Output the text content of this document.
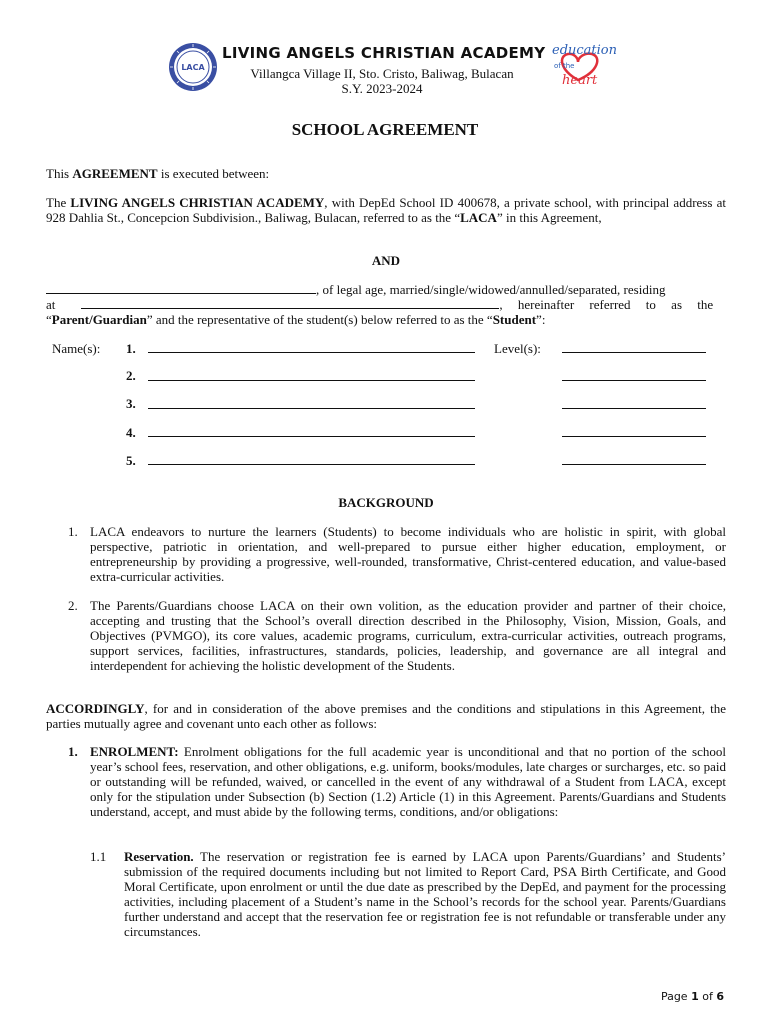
LACA
LIVING ANGELS CHRISTIAN ACADEMY
Villangca Village II, Sto. Cristo, Baliwag, Bulacan
S.Y. 2023-2024
education
of the
heart
SCHOOL AGREEMENT
This AGREEMENT is executed between:
The LIVING ANGELS CHRISTIAN ACADEMY, with DepEd School ID 400678, a private school, with principal address at 928 Dahlia St., Concepcion Subdivision., Baliwag, Bulacan, referred to as the “LACA” in this Agreement,
AND
, of legal age, married/single/widowed/annulled/separated, residing
at	, hereinafter referred to as the
“Parent/Guardian” and the representative of the student(s) below referred to as the “Student”:
Name(s):	Level(s):
1.
2.
3.
4.
5.
BACKGROUND
1. LACA endeavors to nurture the learners (Students) to become individuals who are holistic in spirit, with global perspective, patriotic in orientation, and well-prepared to pursue either higher education, employment, or entrepreneurship by providing a progressive, well-rounded, transformative, Christ-centered education, and value-based extra-curricular activities.
2. The Parents/Guardians choose LACA on their own volition, as the education provider and partner of their choice, accepting and trusting that the School’s overall direction described in the Philosophy, Vision, Mission, Goals, and Objectives (PVMGO), its core values, academic programs, curriculum, extra-curricular activities, outreach programs, support services, facilities, infrastructures, standards, policies, leadership, and governance are all integral and interdependent for achieving the holistic development of the Students.
ACCORDINGLY, for and in consideration of the above premises and the conditions and stipulations in this Agreement, the parties mutually agree and covenant unto each other as follows:
1. ENROLMENT: Enrolment obligations for the full academic year is unconditional and that no portion of the school year’s school fees, reservation, and other obligations, e.g. uniform, books/modules, late charges or surcharges, etc. so paid or outstanding will be refunded, waived, or cancelled in the event of any withdrawal of a Student from LACA, except only for the stipulation under Subsection (b) Section (1.2) Article (1) in this Agreement. Parents/Guardians and Students understand, accept, and must abide by the following terms, conditions, and/or obligations:
1.1 Reservation. The reservation or registration fee is earned by LACA upon Parents/Guardians’ and Students’ submission of the required documents including but not limited to Report Card, PSA Birth Certificate, and Good Moral Certificate, upon enrolment or until the due date as prescribed by the DepEd, and payment for the processing activities, including placement of a Student’s name in the School’s records for the school year. Parents/Guardians further understand and accept that the reservation fee or registration fee is not refundable or transferable under any circumstances.
Page 1 of 6
